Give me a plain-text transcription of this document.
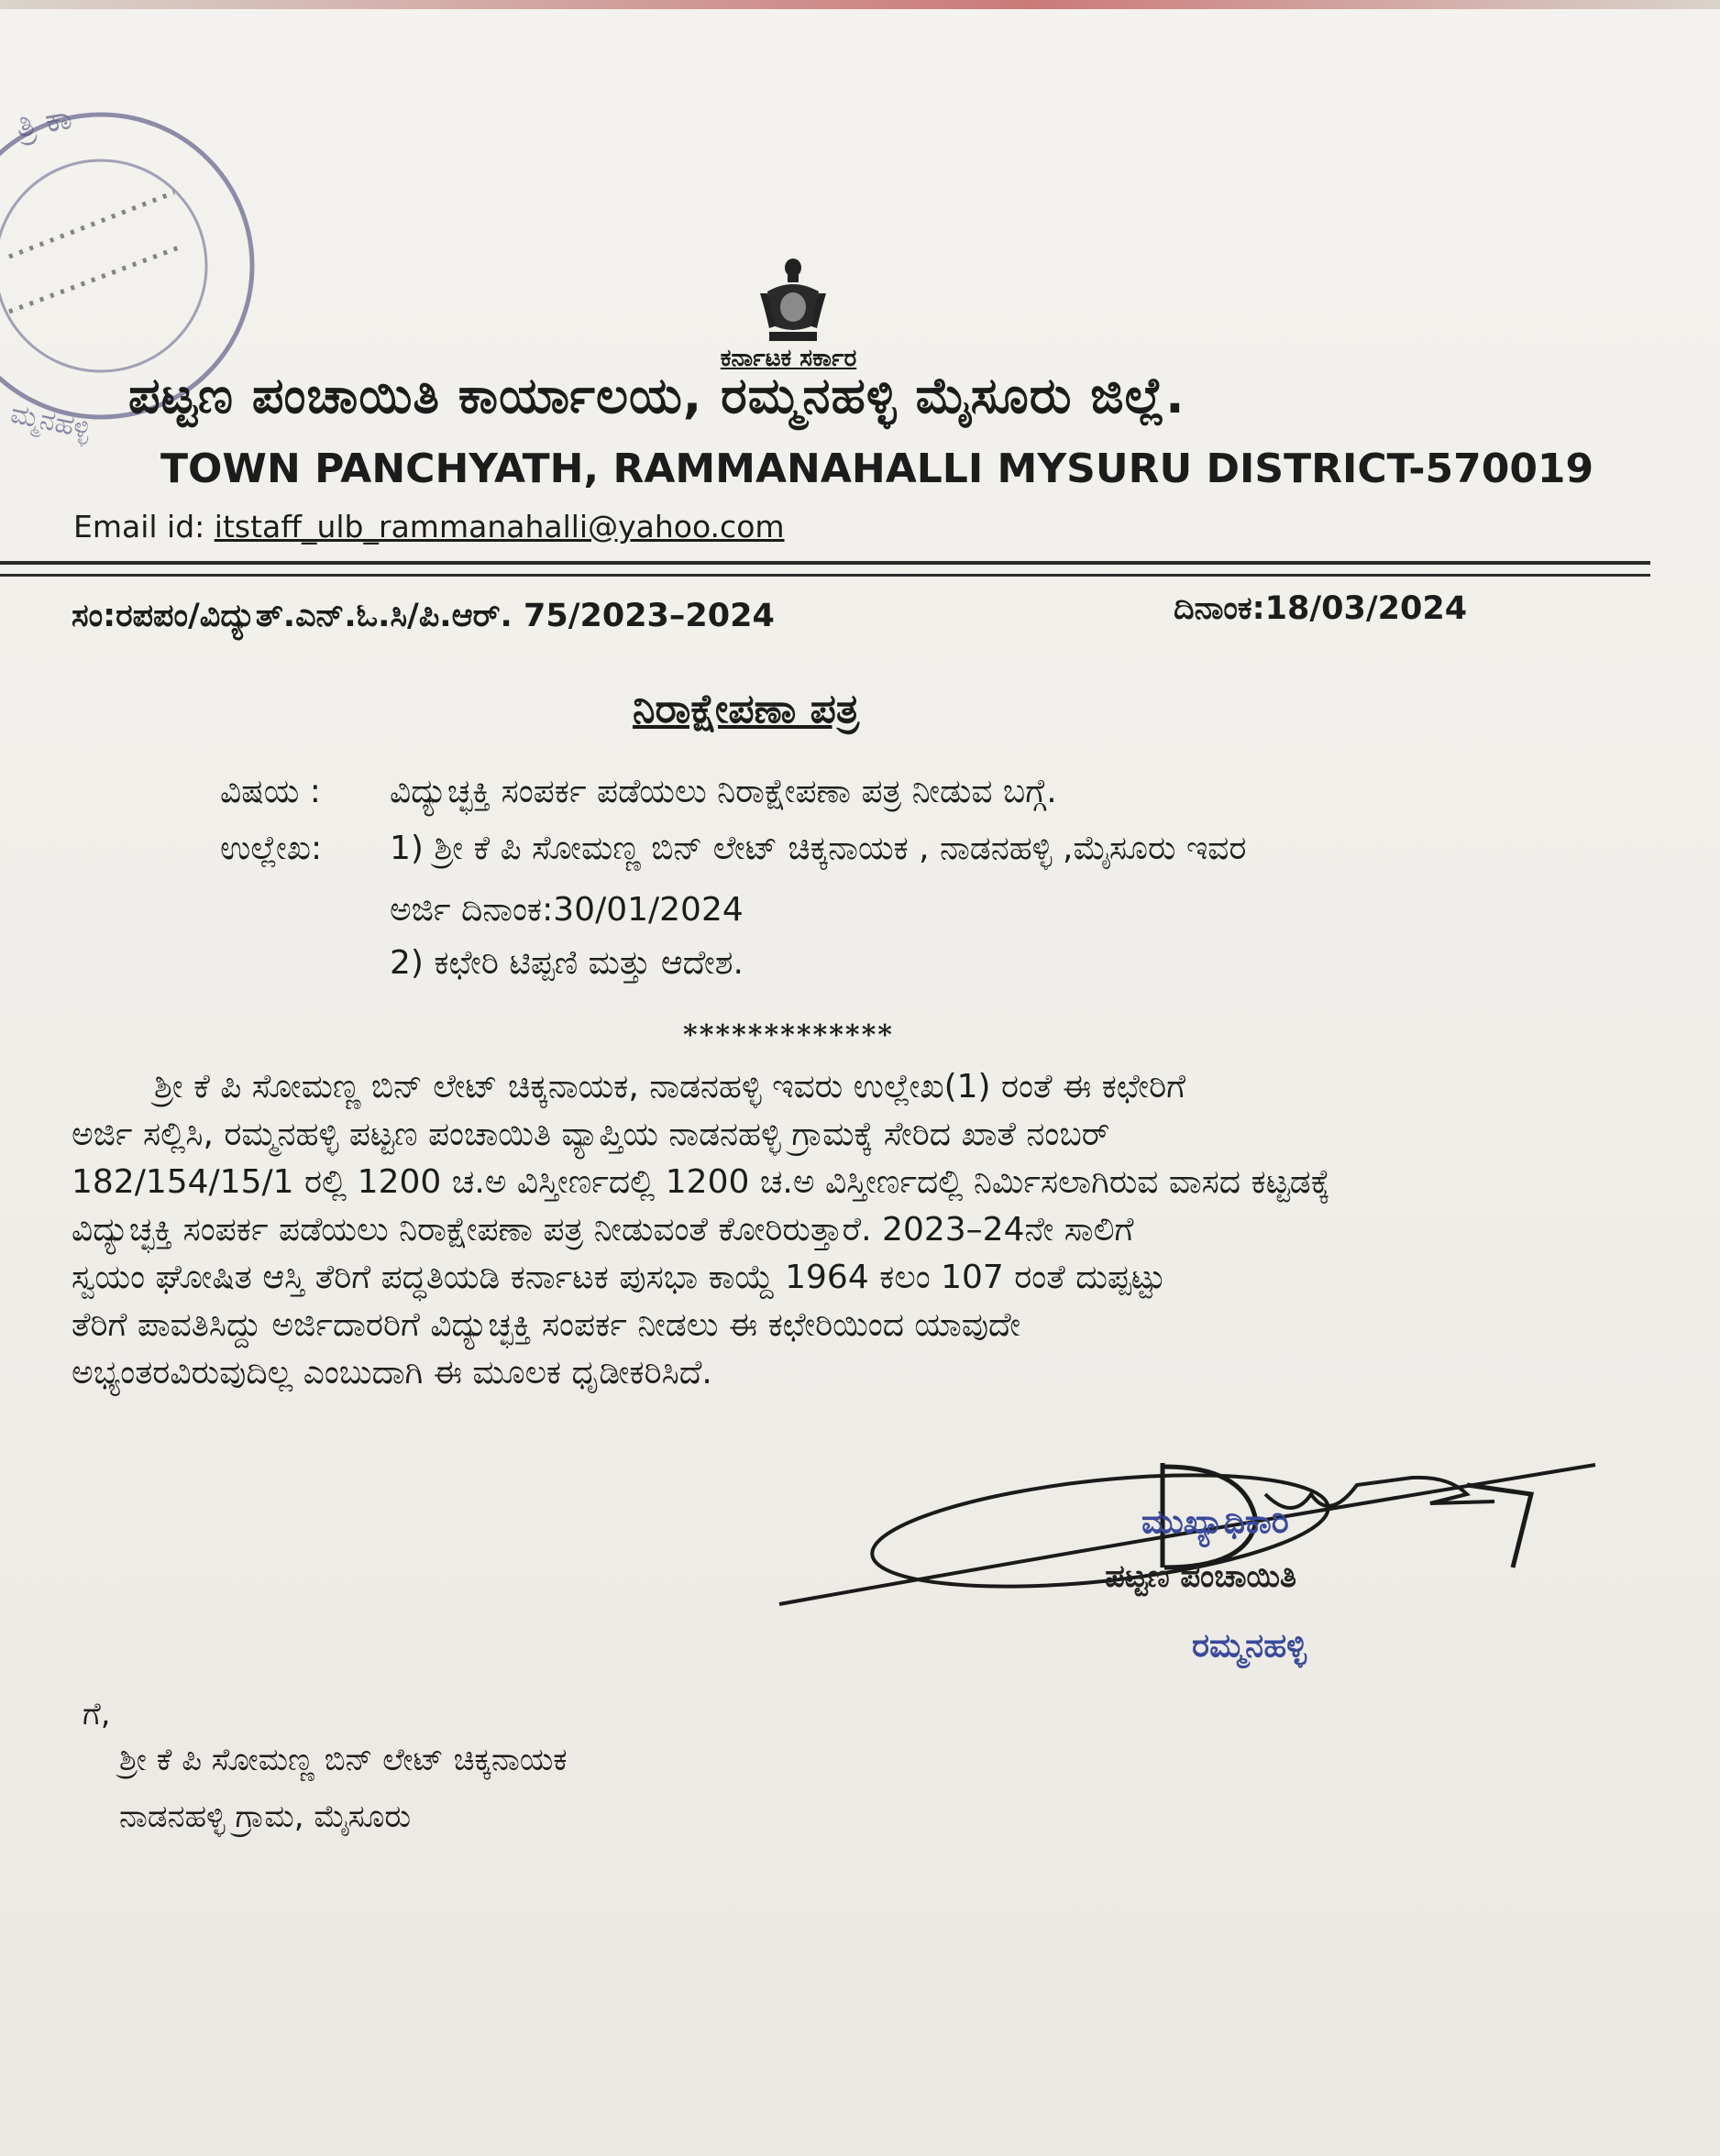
ತ್ರಿ ಕಾ
ಮ್ಮನಹಳ್ಳಿ
ಕರ್ನಾಟಕ ಸರ್ಕಾರ
ಪಟ್ಟಣ ಪಂಚಾಯಿತಿ ಕಾರ್ಯಾಲಯ, ರಮ್ಮನಹಳ್ಳಿ ಮೈಸೂರು ಜಿಲ್ಲೆ.
TOWN PANCHYATH, RAMMANAHALLI MYSURU DISTRICT-570019
Email id: itstaff_ulb_rammanahalli@yahoo.com
ಸಂ:ರಪಪಂ/ವಿದ್ಯುತ್.ಎನ್.ಓ.ಸಿ/ಪಿ.ಆರ್. 75/2023–2024	ದಿನಾಂಕ:18/03/2024
ನಿರಾಕ್ಷೇಪಣಾ ಪತ್ರ
ವಿಷಯ : ವಿದ್ಯುಚ್ಛಕ್ತಿ ಸಂಪರ್ಕ ಪಡೆಯಲು ನಿರಾಕ್ಷೇಪಣಾ ಪತ್ರ ನೀಡುವ ಬಗ್ಗೆ.
ಉಲ್ಲೇಖ: 1) ಶ್ರೀ ಕೆ ಪಿ ಸೋಮಣ್ಣ ಬಿನ್ ಲೇಟ್ ಚಿಕ್ಕನಾಯಕ , ನಾಡನಹಳ್ಳಿ ,ಮೈಸೂರು ಇವರ
ಅರ್ಜಿ ದಿನಾಂಕ:30/01/2024
2) ಕಛೇರಿ ಟಿಪ್ಪಣಿ ಮತ್ತು ಆದೇಶ.
*************
ಶ್ರೀ ಕೆ ಪಿ ಸೋಮಣ್ಣ ಬಿನ್ ಲೇಟ್ ಚಿಕ್ಕನಾಯಕ, ನಾಡನಹಳ್ಳಿ ಇವರು ಉಲ್ಲೇಖ(1) ರಂತೆ ಈ ಕಛೇರಿಗೆ
ಅರ್ಜಿ ಸಲ್ಲಿಸಿ, ರಮ್ಮನಹಳ್ಳಿ ಪಟ್ಟಣ ಪಂಚಾಯಿತಿ ವ್ಯಾಪ್ತಿಯ ನಾಡನಹಳ್ಳಿ ಗ್ರಾಮಕ್ಕೆ ಸೇರಿದ ಖಾತೆ ನಂಬರ್
182/154/15/1 ರಲ್ಲಿ 1200 ಚ.ಅ ವಿಸ್ತೀರ್ಣದಲ್ಲಿ 1200 ಚ.ಅ ವಿಸ್ತೀರ್ಣದಲ್ಲಿ ನಿರ್ಮಿಸಲಾಗಿರುವ ವಾಸದ ಕಟ್ಟಡಕ್ಕೆ
ವಿದ್ಯುಚ್ಛಕ್ತಿ ಸಂಪರ್ಕ ಪಡೆಯಲು ನಿರಾಕ್ಷೇಪಣಾ ಪತ್ರ ನೀಡುವಂತೆ ಕೋರಿರುತ್ತಾರೆ. 2023–24ನೇ ಸಾಲಿಗೆ
ಸ್ವಯಂ ಘೋಷಿತ ಆಸ್ತಿ ತೆರಿಗೆ ಪದ್ಧತಿಯಡಿ ಕರ್ನಾಟಕ ಪುಸಭಾ ಕಾಯ್ದೆ 1964 ಕಲಂ 107 ರಂತೆ ದುಪ್ಪಟ್ಟು
ತೆರಿಗೆ ಪಾವತಿಸಿದ್ದು ಅರ್ಜಿದಾರರಿಗೆ ವಿದ್ಯುಚ್ಛಕ್ತಿ ಸಂಪರ್ಕ ನೀಡಲು ಈ ಕಛೇರಿಯಿಂದ ಯಾವುದೇ
ಅಭ್ಯಂತರವಿರುವುದಿಲ್ಲ ಎಂಬುದಾಗಿ ಈ ಮೂಲಕ ಧೃಡೀಕರಿಸಿದೆ.
ಮುಖ್ಯಾಧಿಕಾರಿ
ಪಟ್ಟಣ ಪಂಚಾಯಿತಿ
ರಮ್ಮನಹಳ್ಳಿ
ಗೆ,
ಶ್ರೀ ಕೆ ಪಿ ಸೋಮಣ್ಣ ಬಿನ್ ಲೇಟ್ ಚಿಕ್ಕನಾಯಕ
ನಾಡನಹಳ್ಳಿ ಗ್ರಾಮ, ಮೈಸೂರು
